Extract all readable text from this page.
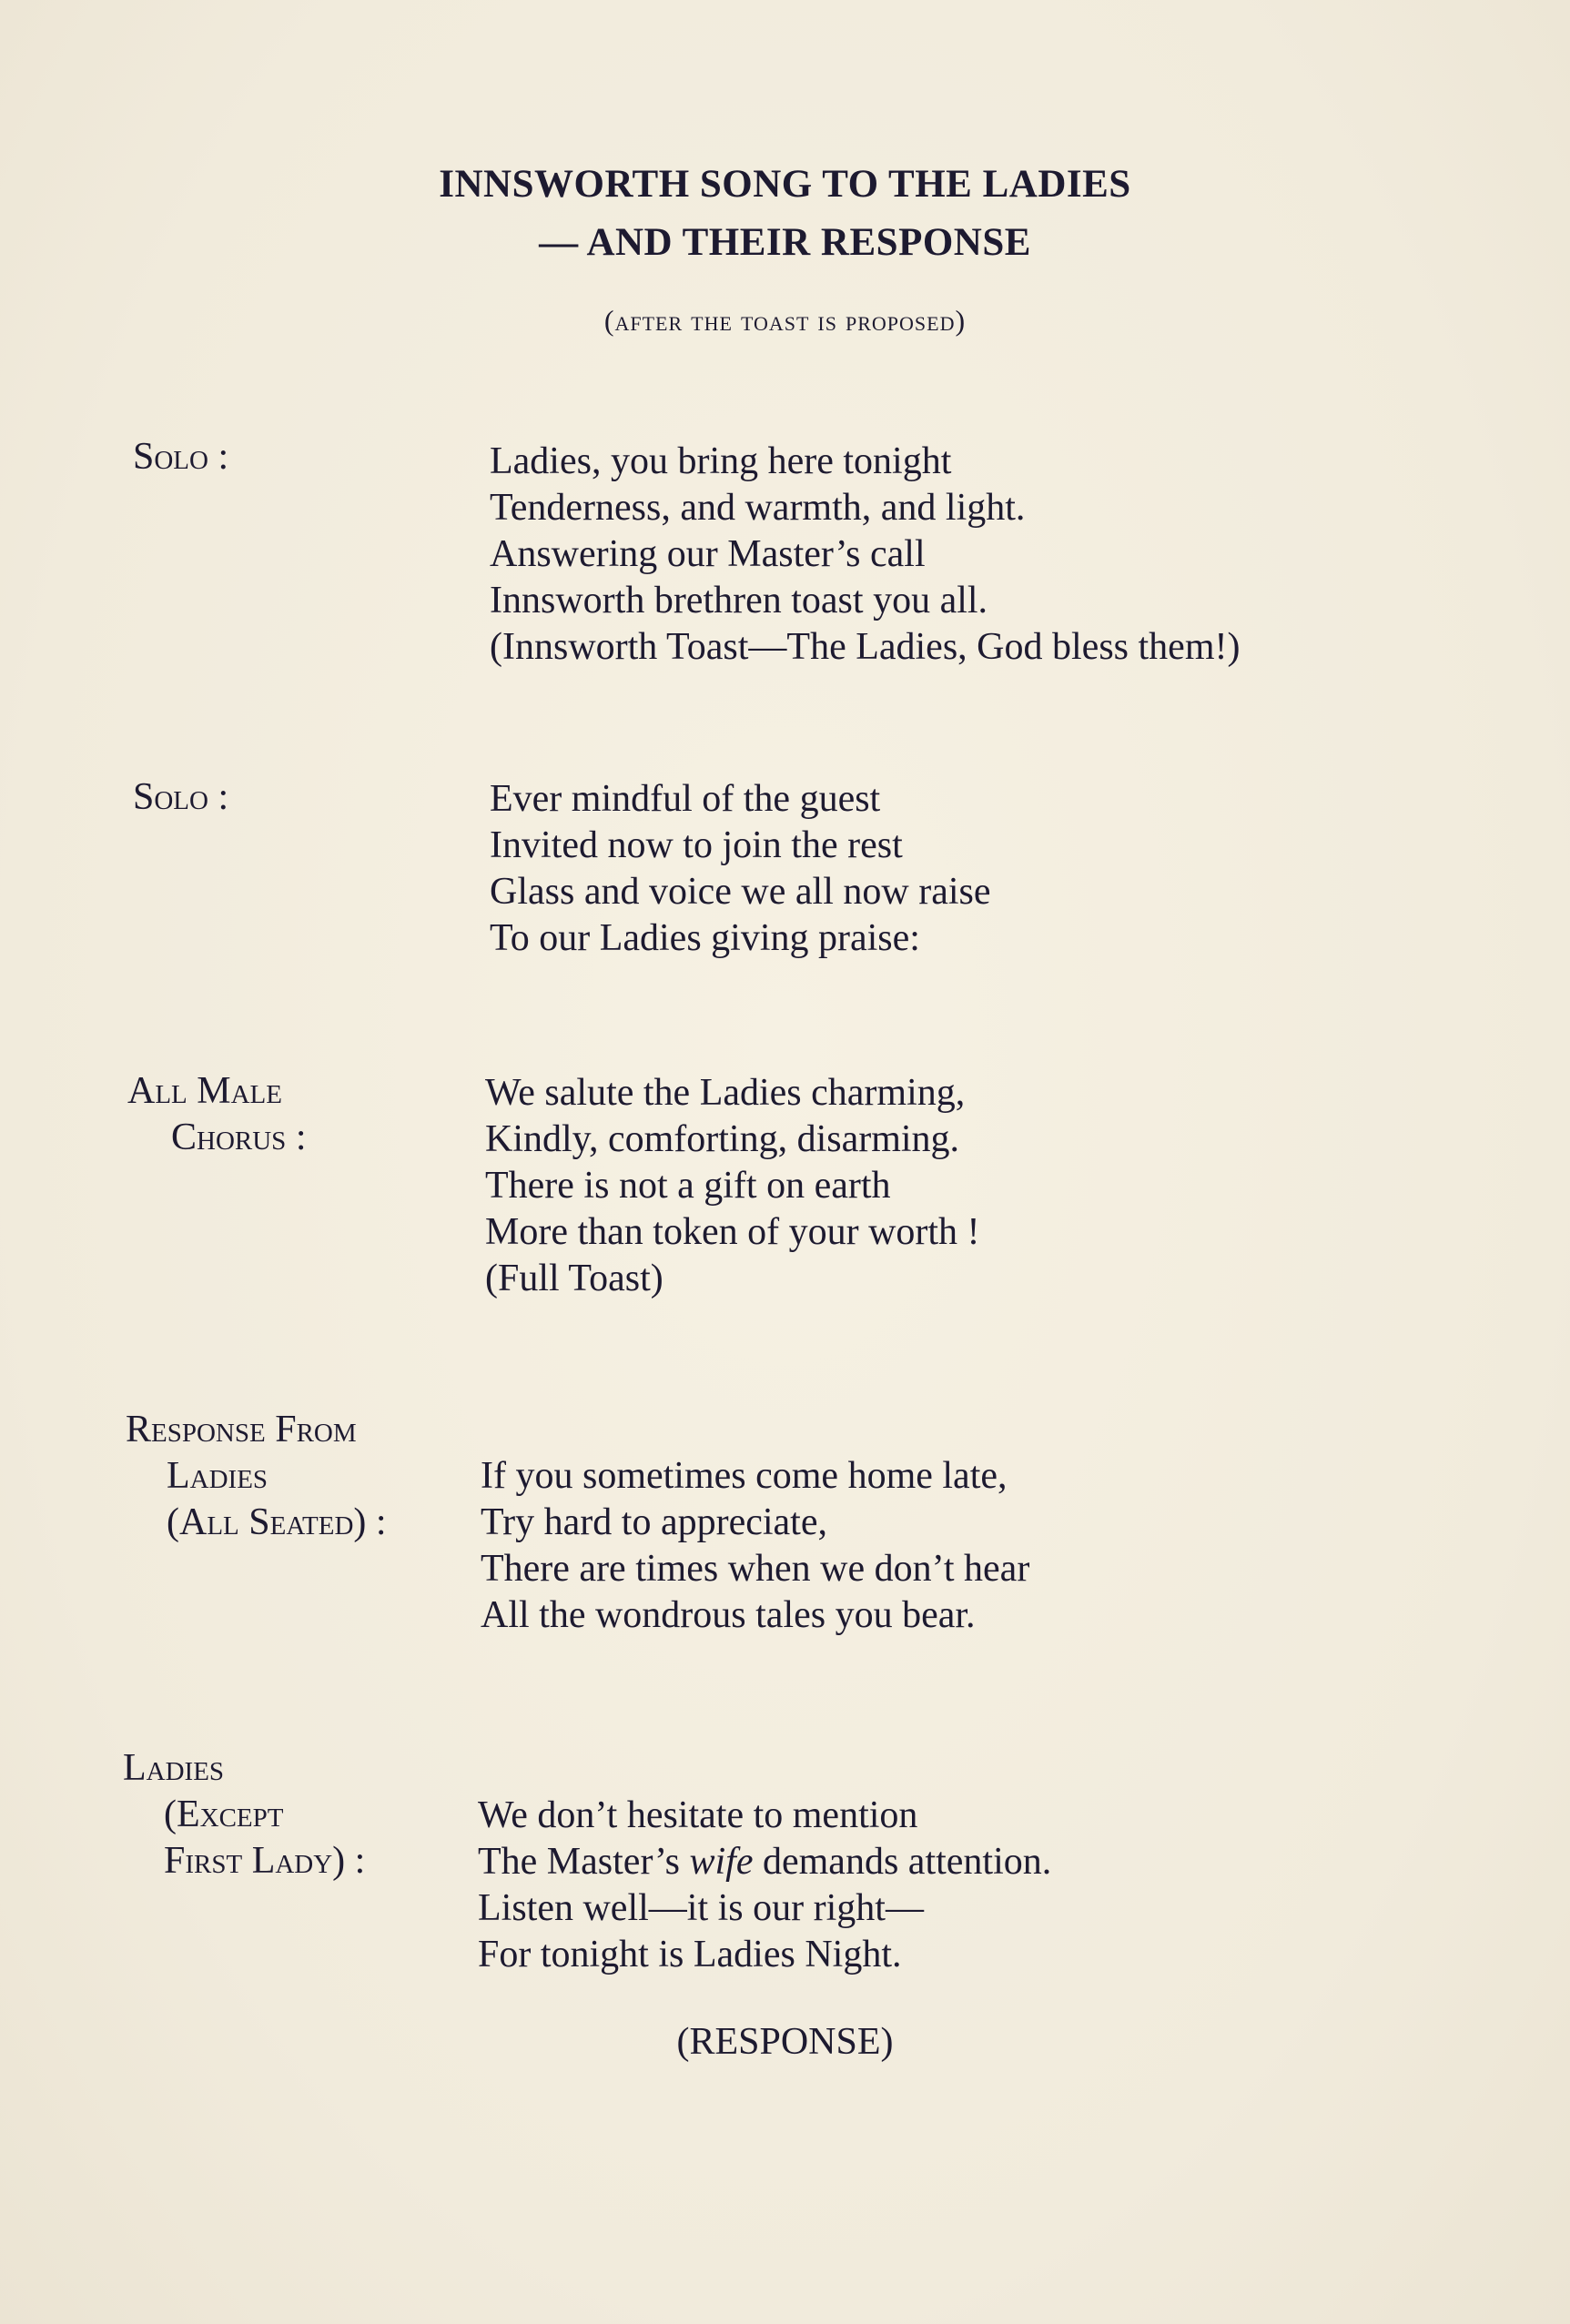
INNSWORTH SONG TO THE LADIES
— AND THEIR RESPONSE
(after the toast is proposed)
Solo :	Ladies, you bring here tonight
Tenderness, and warmth, and light.
Answering our Master’s call
Innsworth brethren toast you all.
(Innsworth Toast—The Ladies, God bless them!)
Solo :	Ever mindful of the guest
Invited now to join the rest
Glass and voice we all now raise
To our Ladies giving praise:
All Male
Chorus :
We salute the Ladies charming,
Kindly, comforting, disarming.
There is not a gift on earth
More than token of your worth !
(Full Toast)
Response From
Ladies
(All Seated) :
If you sometimes come home late,
Try hard to appreciate,
There are times when we don’t hear
All the wondrous tales you bear.
Ladies
(Except
First Lady) :
We don’t hesitate to mention
The Master’s wife demands attention.
Listen well—it is our right—
For tonight is Ladies Night.
(RESPONSE)
